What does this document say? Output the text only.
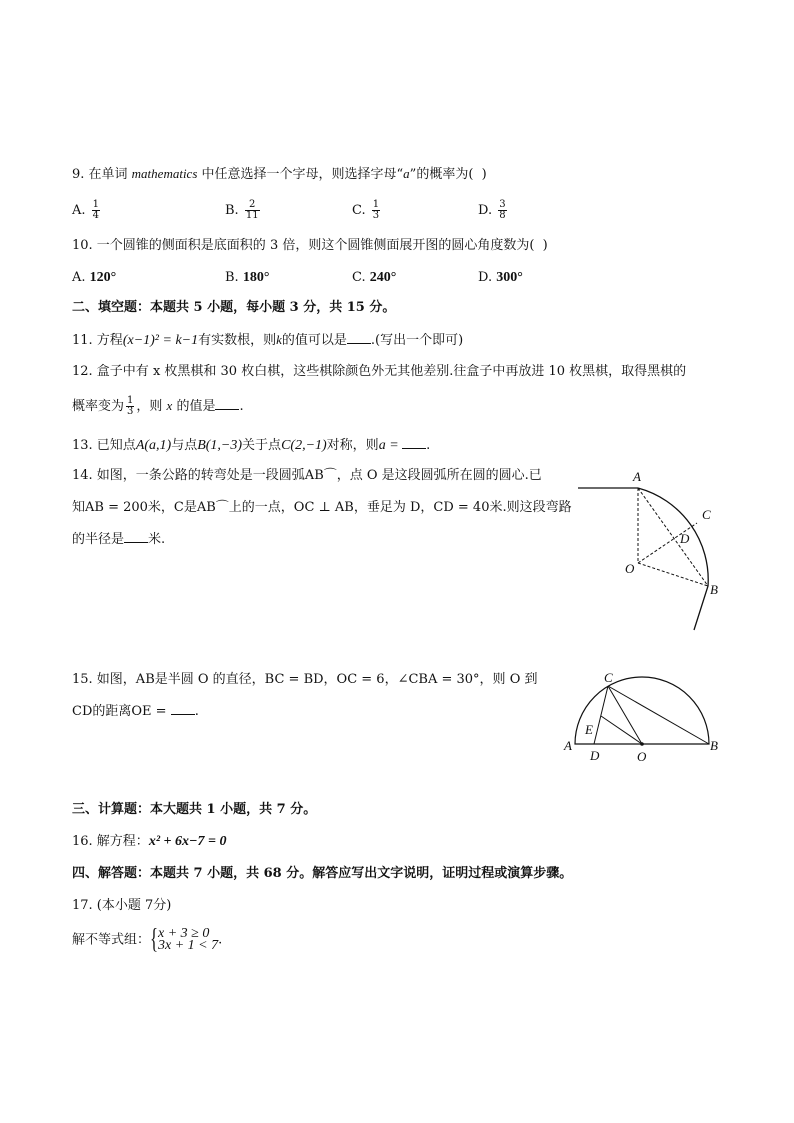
9. 在单词 mathematics 中任意选择一个字母，则选择字母“a”的概率为(  )
A. $\frac{1}{4}$	B. $\frac{2}{11}$	C. $\frac{1}{3}$	D. $\frac{3}{8}$
10. 一个圆锥的侧面积是底面积的 3 倍，则这个圆锥侧面展开图的圆心角度数为(  )
A. 120°	B. 180°	C. 240°	D. 300°
二、填空题：本题共 5 小题，每小题 3 分，共 15 分。
11. 方程(x−1)² = k−1有实数根，则k的值可以是 .(写出一个即可)
12. 盒子中有 x 枚黑棋和 30 枚白棋，这些棋除颜色外无其他差别.往盒子中再放进 10 枚黑棋，取得黑棋的
概率变为 $\frac{1}{3}$ ，则 x 的值是 .
13. 已知点A(a,1)与点B(1,−3)关于点C(2,−1)对称，则a = .
14. 如图，一条公路的转弯处是一段圆弧AB⌒，点 O 是这段圆弧所在圆的圆心.已
知AB = 200米，C是AB⌒上的一点，OC ⊥ AB，垂足为 D，CD = 40米.则这段弯路
的半径是 米.
A
B
C
D
O
15. 如图，AB是半圆 O 的直径，BC = BD，OC = 6，∠CBA = 30°，则 O 到
CD的距离OE = .
A	B
C
D
E
O
三、计算题：本大题共 1 小题，共 7 分。
16. 解方程：x² + 6x−7 = 0
四、解答题：本题共 7 小题，共 68 分。解答应写出文字说明，证明过程或演算步骤。
17. (本小题 7分)
解不等式组： { x + 3 ≥ 0
3x + 1 < 7 .
